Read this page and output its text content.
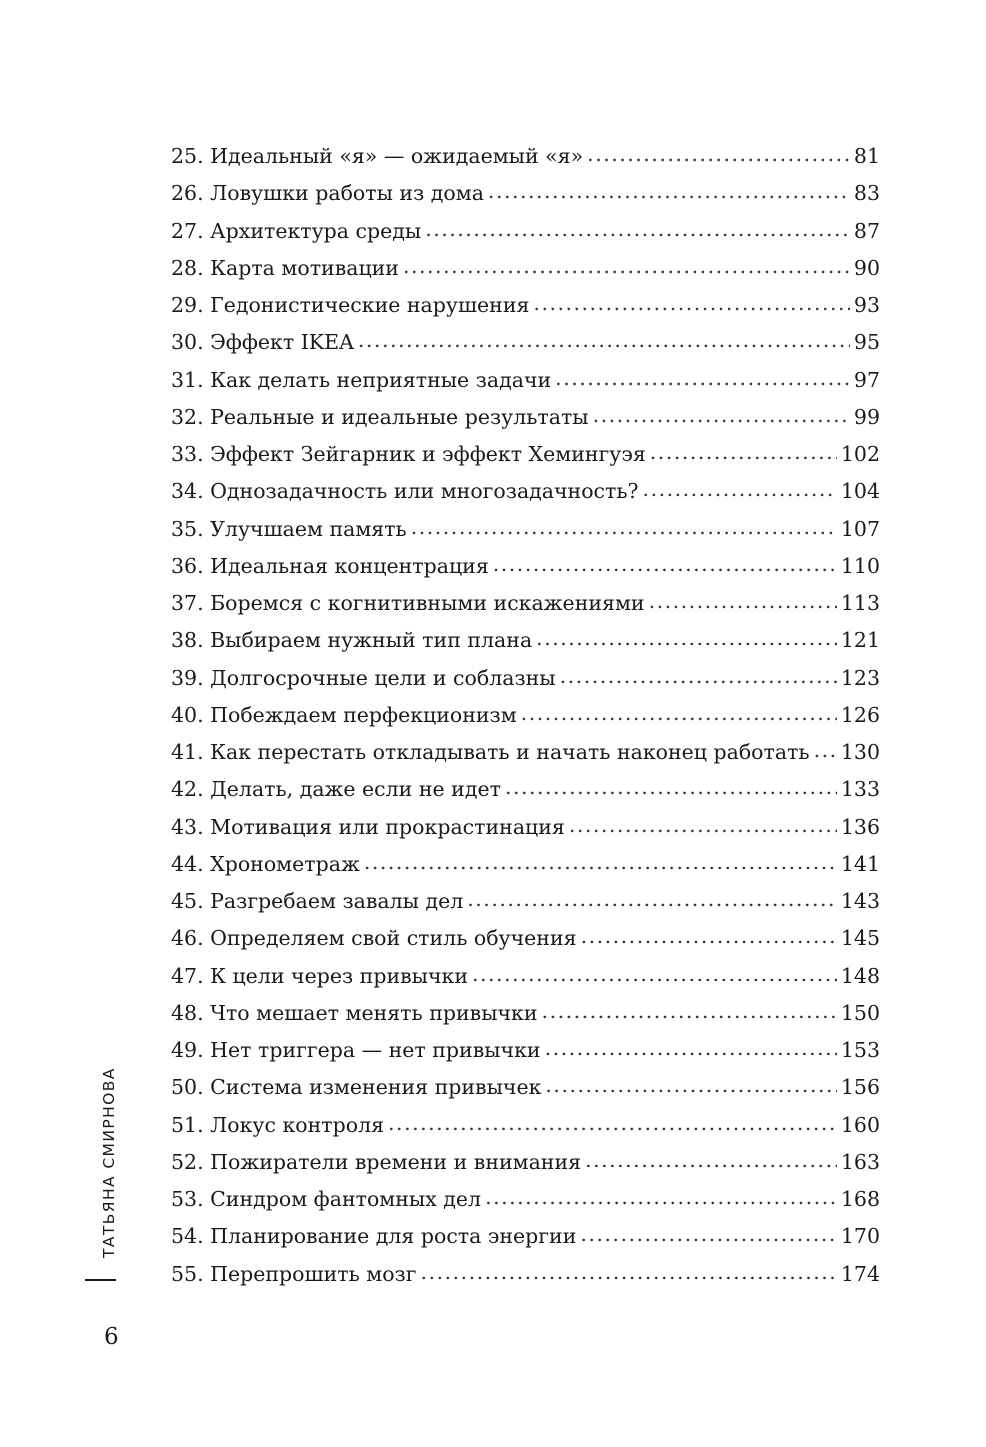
25. Идеальный «я» — ожидаемый «я» .....	81
26. Ловушки работы из дома .....	83
27. Архитектура среды .....	87
28. Карта мотивации .....	90
29. Гедонистические нарушения .....	93
30. Эффект IKEA .....	95
31. Как делать неприятные задачи .....	97
32. Реальные и идеальные результаты .....	99
33. Эффект Зейгарник и эффект Хемингуэя .....	102
34. Однозадачность или многозадачность? .....	104
35. Улучшаем память .....	107
36. Идеальная концентрация .....	110
37. Боремся с когнитивными искажениями .....	113
38. Выбираем нужный тип плана .....	121
39. Долгосрочные цели и соблазны .....	123
40. Побеждаем перфекционизм .....	126
41. Как перестать откладывать и начать наконец работать ..... 130
42. Делать, даже если не идет .....	133
43. Мотивация или прокрастинация .....	136
44. Хронометраж .....	141
45. Разгребаем завалы дел .....	143
46. Определяем свой стиль обучения .....	145
47. К цели через привычки .....	148
48. Что мешает менять привычки .....	150
49. Нет триггера — нет привычки .....	153
50. Система изменения привычек .....	156
51. Локус контроля .....	160
52. Пожиратели времени и внимания .....	163
53. Синдром фантомных дел .....	168
54. Планирование для роста энергии .....	170
55. Перепрошить мозг .....	174
ТАТЬЯНА СМИРНОВА
6
